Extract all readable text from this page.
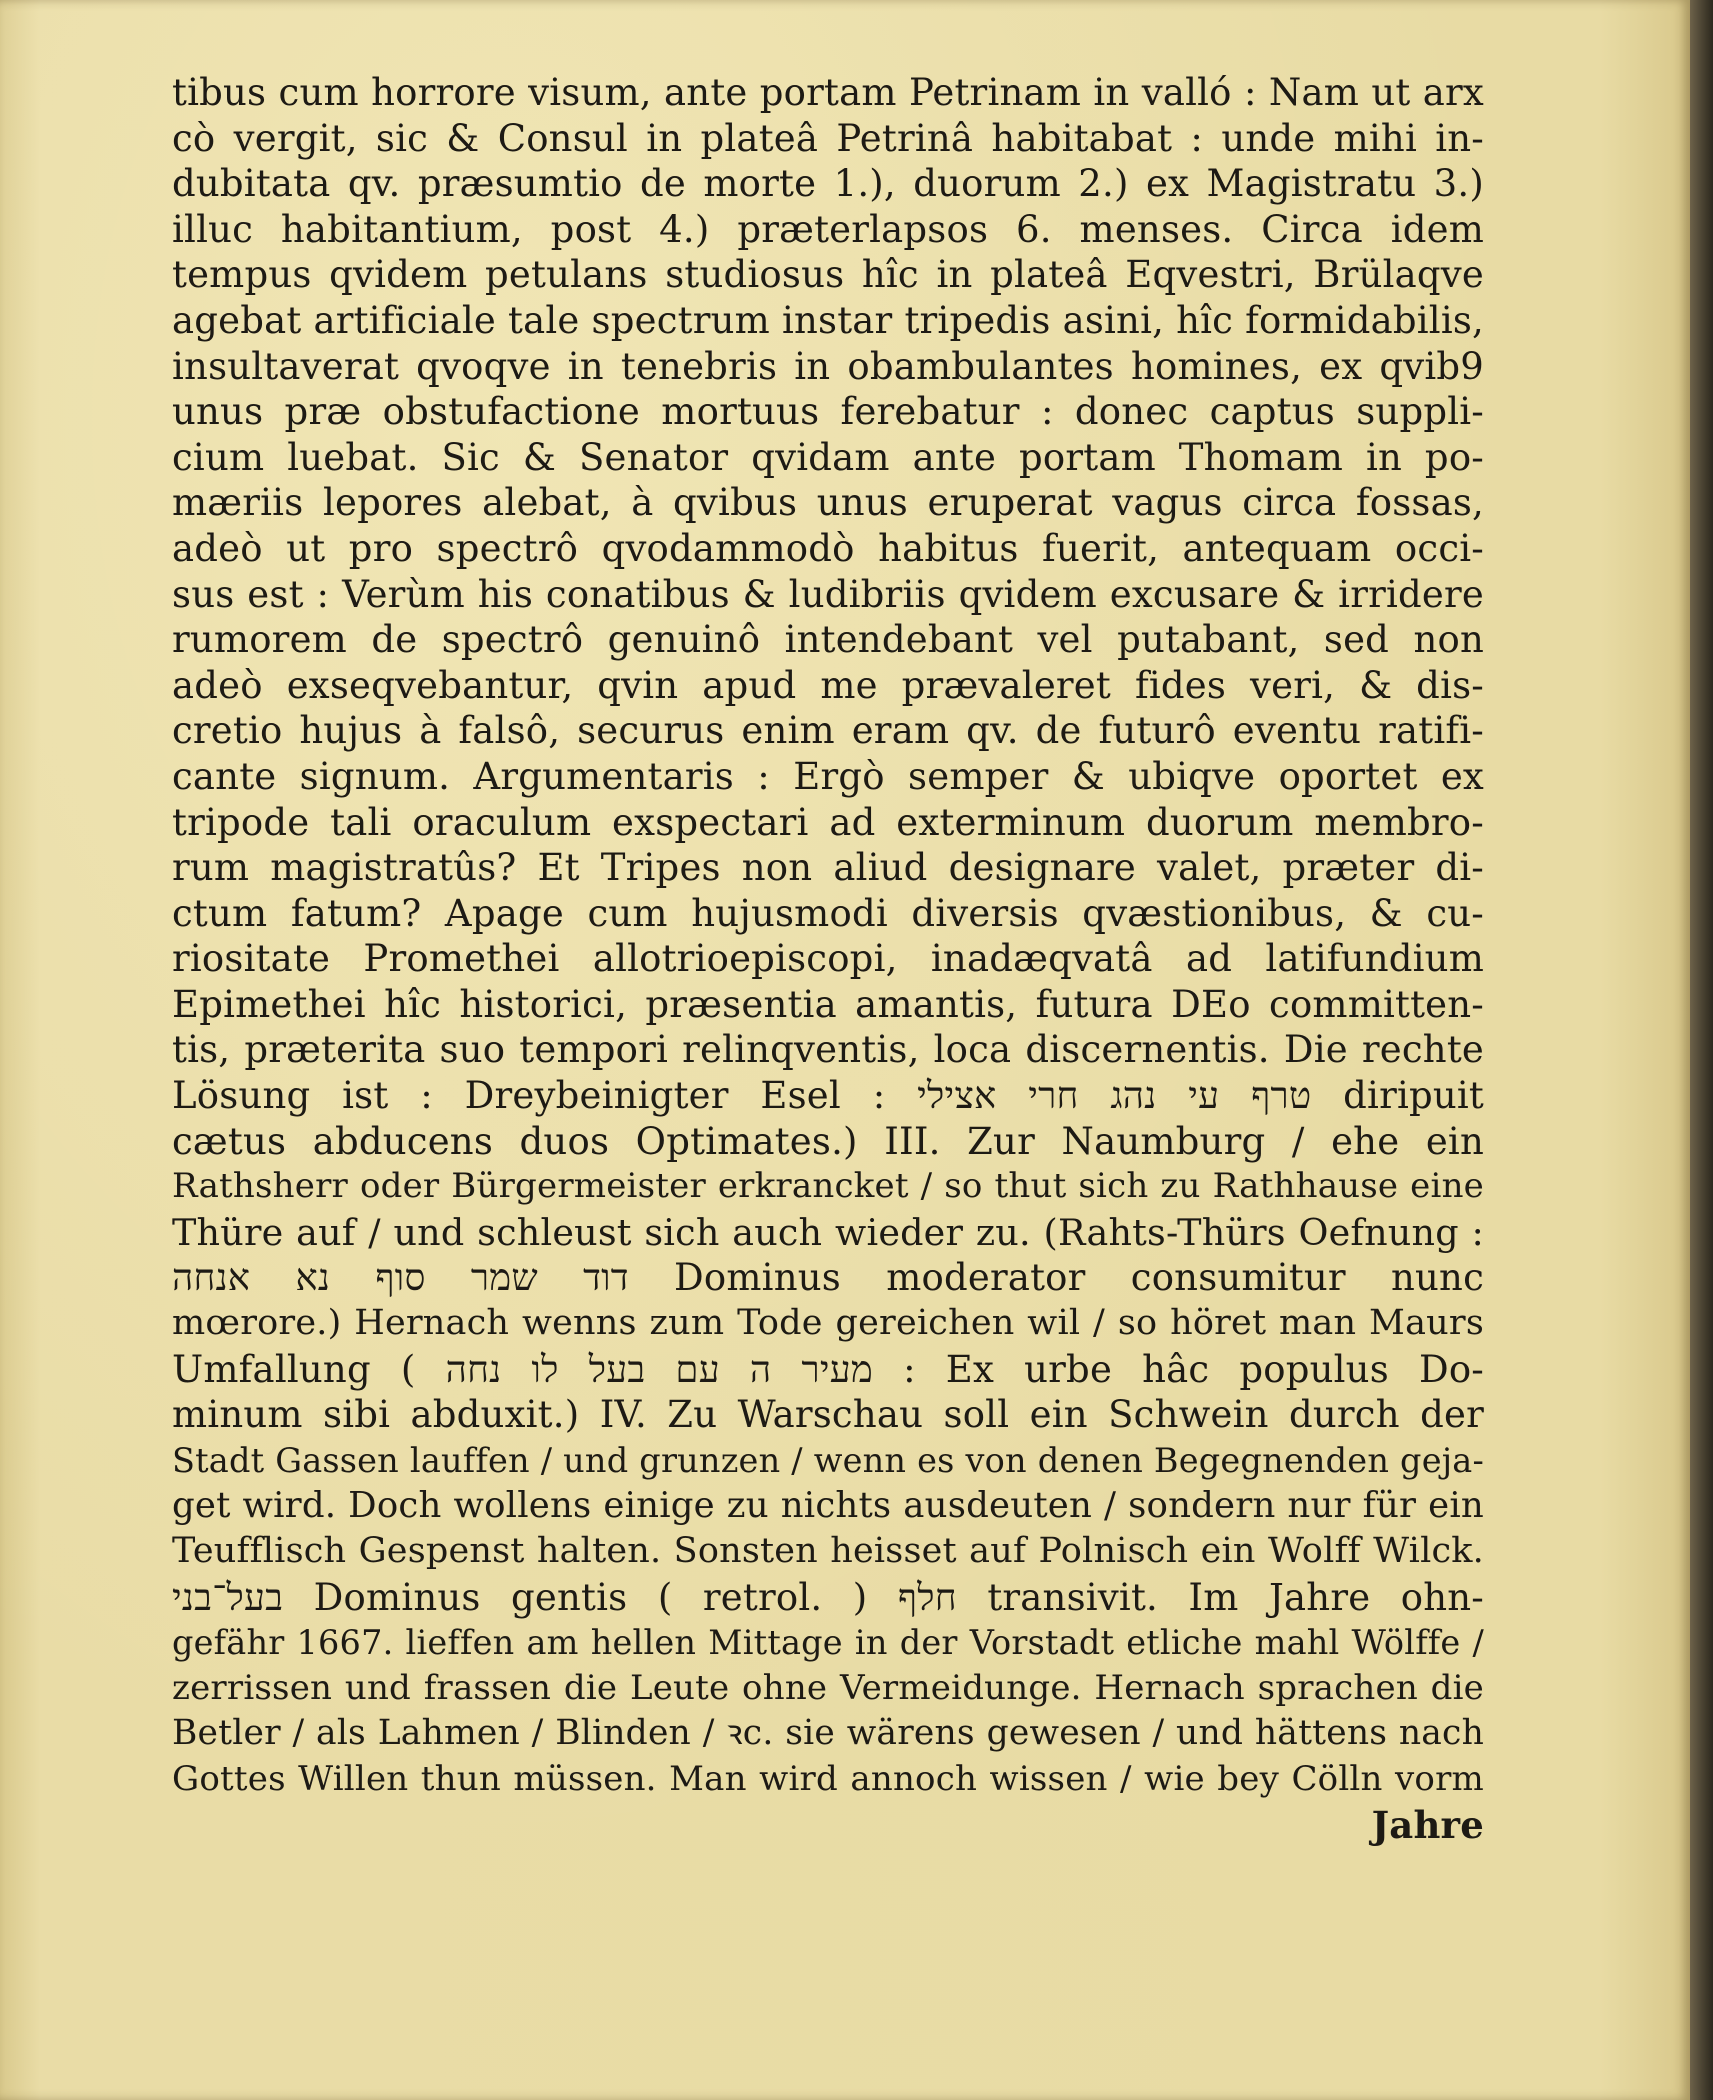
tibus cum horrore visum, ante portam Petrinam in valló : Nam ut arx
cò vergit, sic & Consul in plateâ Petrinâ habitabat : unde mihi in-
dubitata qv. præsumtio de morte 1.), duorum 2.) ex Magistratu 3.)
illuc habitantium, post 4.) præterlapsos 6. menses. Circa idem
tempus qvidem petulans studiosus hîc in plateâ Eqvestri, Brülaqve
agebat artificiale tale spectrum instar tripedis asini, hîc formidabilis,
insultaverat qvoqve in tenebris in obambulantes homines, ex qvib9
unus præ obstufactione mortuus ferebatur : donec captus suppli-
cium luebat. Sic & Senator qvidam ante portam Thomam in po-
mæriis lepores alebat, à qvibus unus eruperat vagus circa fossas,
adeò ut pro spectrô qvodammodò habitus fuerit, antequam occi-
sus est : Verùm his conatibus & ludibriis qvidem excusare & irridere
rumorem de spectrô genuinô intendebant vel putabant, sed non
adeò exseqvebantur, qvin apud me prævaleret fides veri, & dis-
cretio hujus à falsô, securus enim eram qv. de futurô eventu ratifi-
cante signum. Argumentaris : Ergò semper & ubiqve oportet ex
tripode tali oraculum exspectari ad exterminum duorum membro-
rum magistratûs? Et Tripes non aliud designare valet, præter di-
ctum fatum? Apage cum hujusmodi diversis qvæstionibus, & cu-
riositate Promethei allotrioepiscopi, inadæqvatâ ad latifundium
Epimethei hîc historici, præsentia amantis, futura DEo committen-
tis, præterita suo tempori relinqventis, loca discernentis. Die rechte
Lösung ist : Dreybeinigter Esel : טרף עי נהג חרי אצילי diripuit
cætus abducens duos Optimates.) III. Zur Naumburg / ehe ein
Rathsherr oder Bürgermeister erkrancket / so thut sich zu Rathhause eine
Thüre auf / und schleust sich auch wieder zu. (Rahts-Thürs Oefnung :
דוד שמר סוף נא אנחה Dominus moderator consumitur nunc
mœrore.) Hernach wenns zum Tode gereichen wil / so höret man Maurs
Umfallung ( מעיר ה עם בעל לו נחה : Ex urbe hâc populus Do-
minum sibi abduxit.) IV. Zu Warschau soll ein Schwein durch der
Stadt Gassen lauffen / und grunzen / wenn es von denen Begegnenden geja-
get wird. Doch wollens einige zu nichts ausdeuten / sondern nur für ein
Teufflisch Gespenst halten. Sonsten heisset auf Polnisch ein Wolff Wilck.
בעל־בני Dominus gentis ( retrol. ) חלף transivit. Im Jahre ohn-
gefähr 1667. lieffen am hellen Mittage in der Vorstadt etliche mahl Wölffe /
zerrissen und frassen die Leute ohne Vermeidunge. Hernach sprachen die
Betler / als Lahmen / Blinden / ꝛc. sie wärens gewesen / und hättens nach
Gottes Willen thun müssen. Man wird annoch wissen / wie bey Cölln vorm
Jahre
